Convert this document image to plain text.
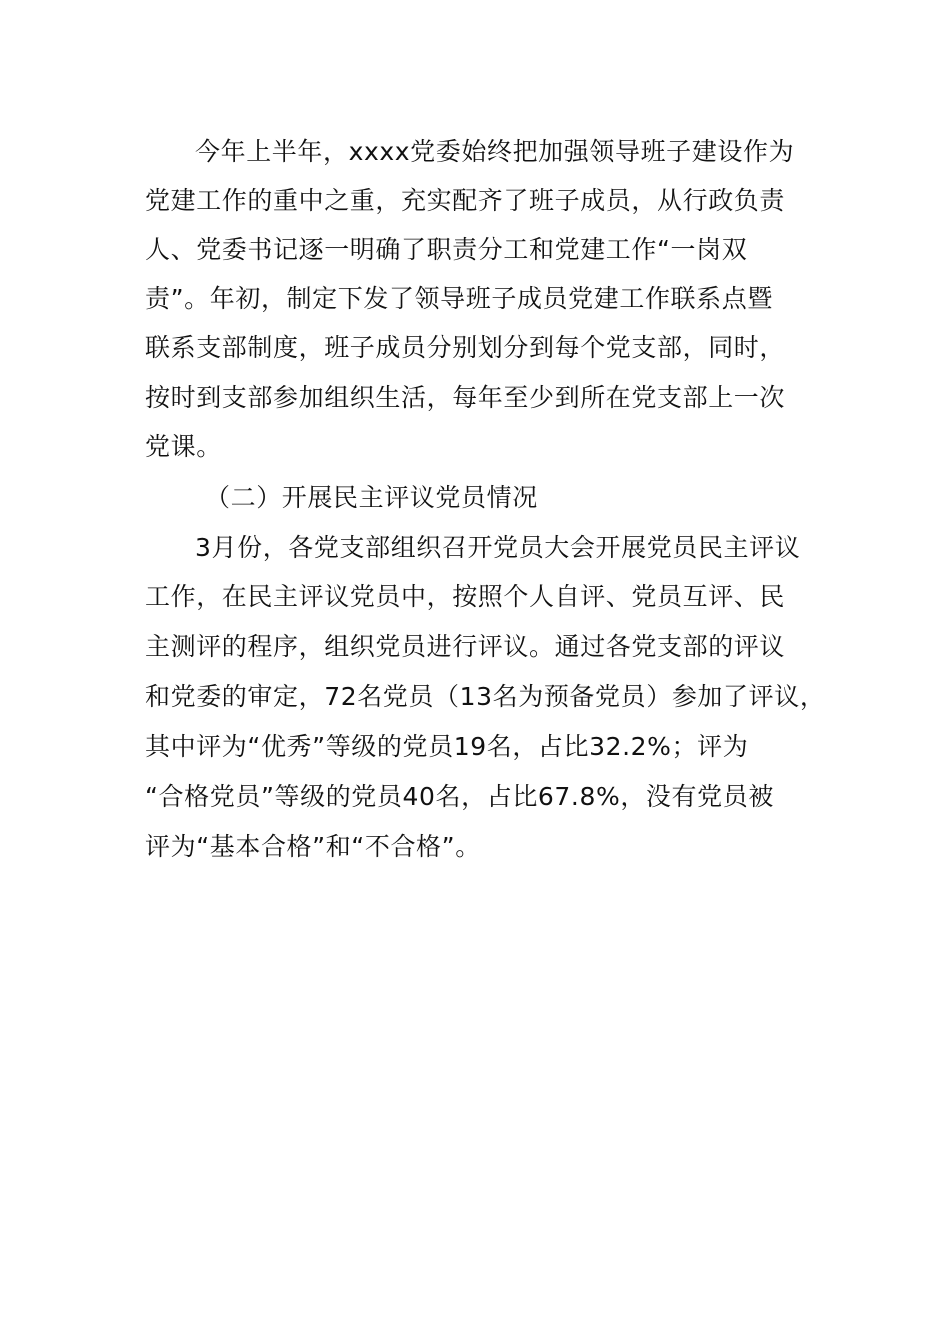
今年上半年，xxxx党委始终把加强领导班子建设作为
党建工作的重中之重，充实配齐了班子成员，从行政负责
人、党委书记逐一明确了职责分工和党建工作“一岗双
责”。年初，制定下发了领导班子成员党建工作联系点暨
联系支部制度，班子成员分别划分到每个党支部，同时，
按时到支部参加组织生活，每年至少到所在党支部上一次
党课。
（二）开展民主评议党员情况
3月份，各党支部组织召开党员大会开展党员民主评议
工作，在民主评议党员中，按照个人自评、党员互评、民
主测评的程序，组织党员进行评议。通过各党支部的评议
和党委的审定，72名党员（13名为预备党员）参加了评议，
其中评为“优秀”等级的党员19名，占比32.2%；评为
“合格党员”等级的党员40名，占比67.8%，没有党员被
评为“基本合格”和“不合格”。
